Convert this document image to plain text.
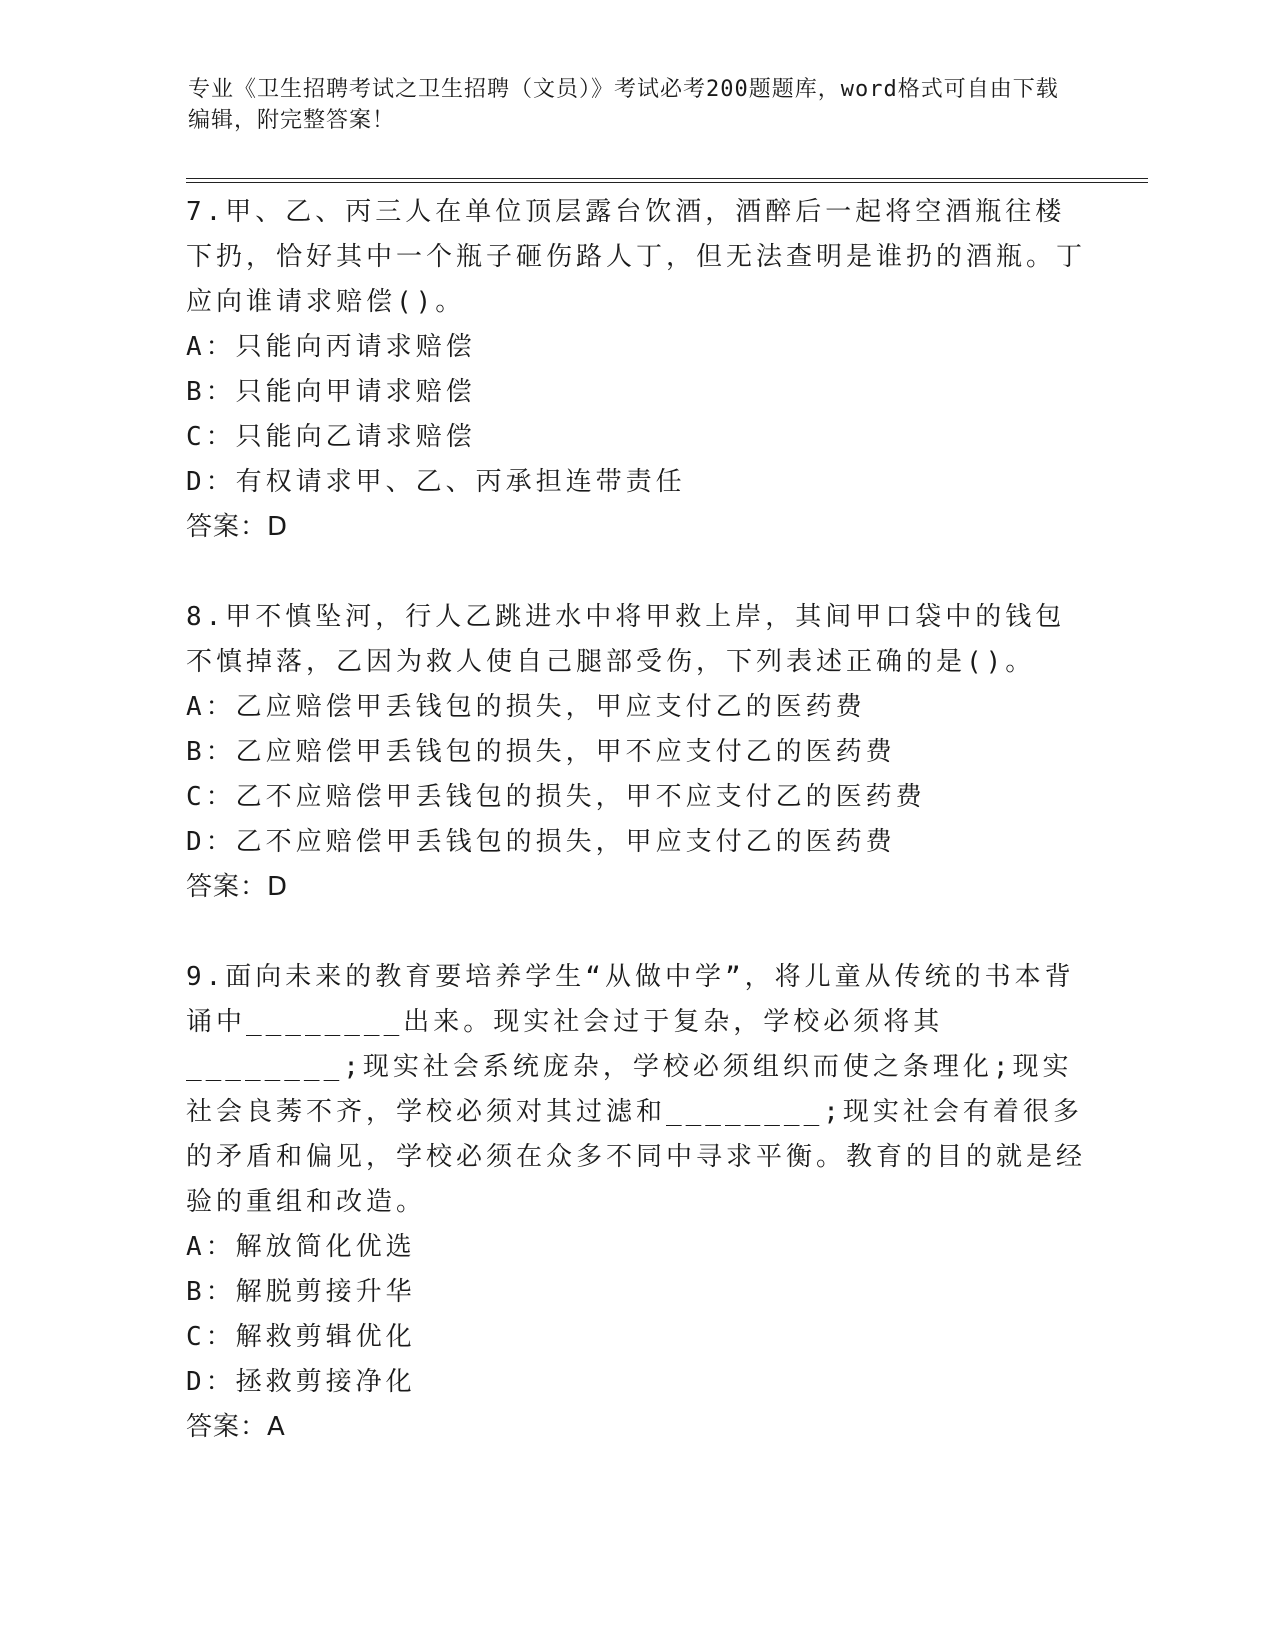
专业《卫生招聘考试之卫生招聘（文员）》考试必考200题题库，word格式可自由下载编辑，附完整答案！

7.甲、乙、丙三人在单位顶层露台饮酒，酒醉后一起将空酒瓶往楼下扔，恰好其中一个瓶子砸伤路人丁，但无法查明是谁扔的酒瓶。丁应向谁请求赔偿()。

A：只能向丙请求赔偿

B：只能向甲请求赔偿

C：只能向乙请求赔偿

D：有权请求甲、乙、丙承担连带责任

答案：D

8.甲不慎坠河，行人乙跳进水中将甲救上岸，其间甲口袋中的钱包不慎掉落，乙因为救人使自己腿部受伤，下列表述正确的是()。

A：乙应赔偿甲丢钱包的损失，甲应支付乙的医药费

B：乙应赔偿甲丢钱包的损失，甲不应支付乙的医药费

C：乙不应赔偿甲丢钱包的损失，甲不应支付乙的医药费

D：乙不应赔偿甲丢钱包的损失，甲应支付乙的医药费

答案：D

9.面向未来的教育要培养学生“从做中学”，将儿童从传统的书本背诵中________出来。现实社会过于复杂，学校必须将其________;现实社会系统庞杂，学校必须组织而使之条理化;现实社会良莠不齐，学校必须对其过滤和________;现实社会有着很多的矛盾和偏见，学校必须在众多不同中寻求平衡。教育的目的就是经验的重组和改造。

A：解放简化优选

B：解脱剪接升华

C：解救剪辑优化

D：拯救剪接净化

答案：A
